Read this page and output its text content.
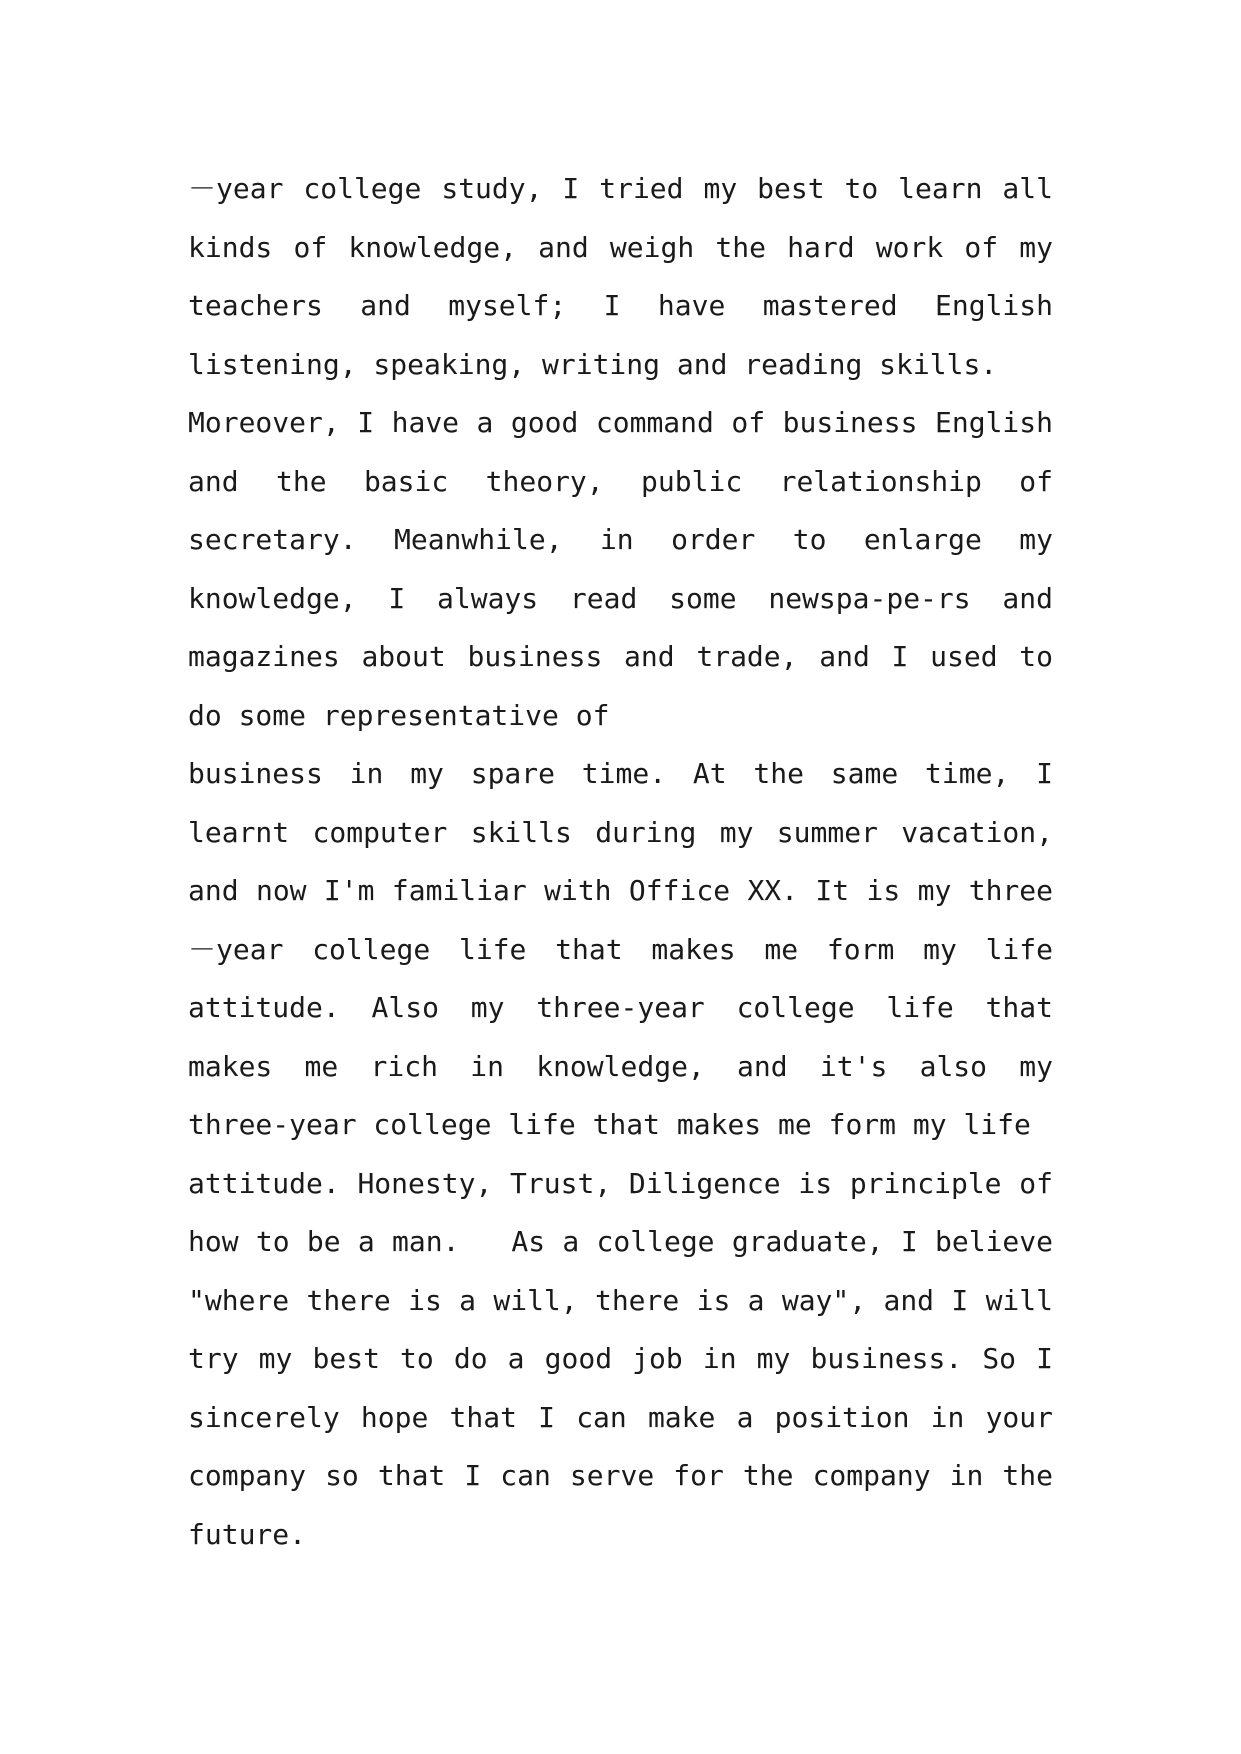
－year college study, I tried my best to learn all
kinds of knowledge, and weigh the hard work of my
teachers and myself; I have mastered English
listening, speaking, writing and reading skills.
Moreover, I have a good command of business English
and the basic theory, public relationship of
secretary. Meanwhile, in order to enlarge my
knowledge, I always read some newspa-pe-rs and
magazines about business and trade, and I used to
do some representative of
business in my spare time. At the same time, I
learnt computer skills during my summer vacation,
and now I'm familiar with Office XX. It is my three
－year college life that makes me form my life
attitude. Also my three-year college life that
makes me rich in knowledge, and it's also my
three-year college life that makes me form my life
attitude. Honesty, Trust, Diligence is principle of
how to be a man.   As a college graduate, I believe
"where there is a will, there is a way", and I will
try my best to do a good job in my business. So I
sincerely hope that I can make a position in your
company so that I can serve for the company in the
future.
